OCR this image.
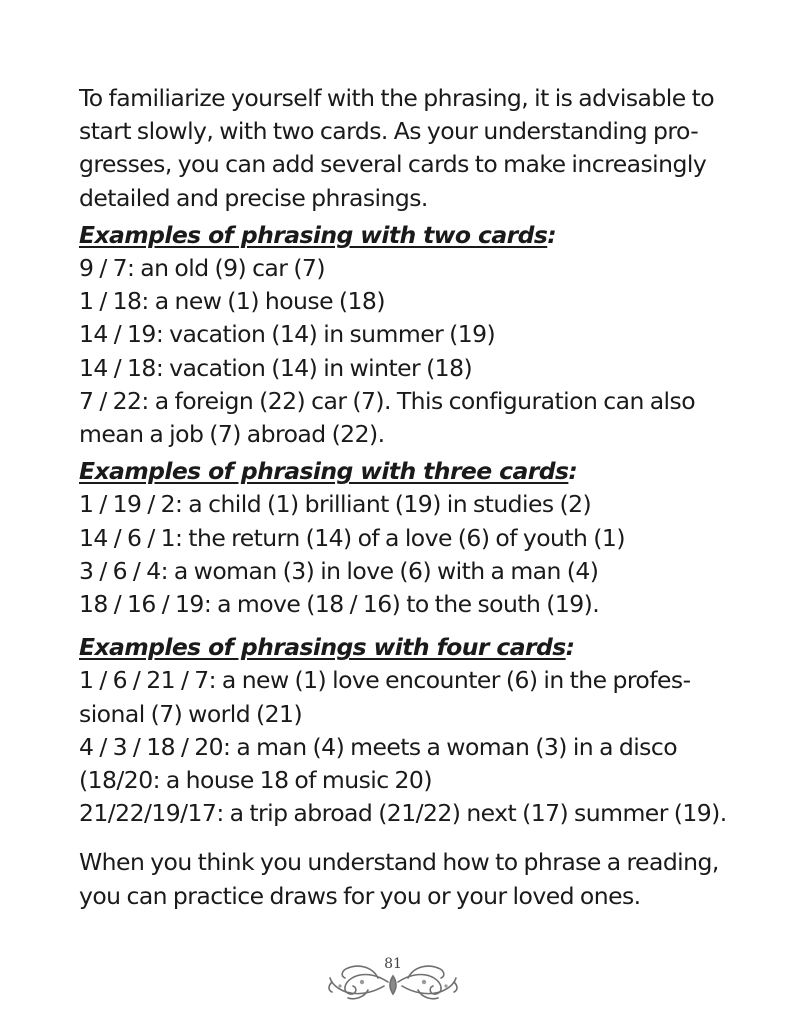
To familiarize yourself with the phrasing, it is advisable to
start slowly, with two cards. As your understanding pro-
gresses, you can add several cards to make increasingly
detailed and precise phrasings.

Examples of phrasing with two cards:

9 / 7: an old (9) car (7)
1 / 18: a new (1) house (18)
14 / 19: vacation (14) in summer (19)
14 / 18: vacation (14) in winter (18)
7 / 22: a foreign (22) car (7). This configuration can also
mean a job (7) abroad (22).

Examples of phrasing with three cards:

1 / 19 / 2: a child (1) brilliant (19) in studies (2)
14 / 6 / 1: the return (14) of a love (6) of youth (1)
3 / 6 / 4: a woman (3) in love (6) with a man (4)
18 / 16 / 19: a move (18 / 16) to the south (19).

Examples of phrasings with four cards:

1 / 6 / 21 / 7: a new (1) love encounter (6) in the profes-
sional (7) world (21)
4 / 3 / 18 / 20: a man (4) meets a woman (3) in a disco
(18/20: a house 18 of music 20)
21/22/19/17: a trip abroad (21/22) next (17) summer (19).

When you think you understand how to phrase a reading,
you can practice draws for you or your loved ones.

81
